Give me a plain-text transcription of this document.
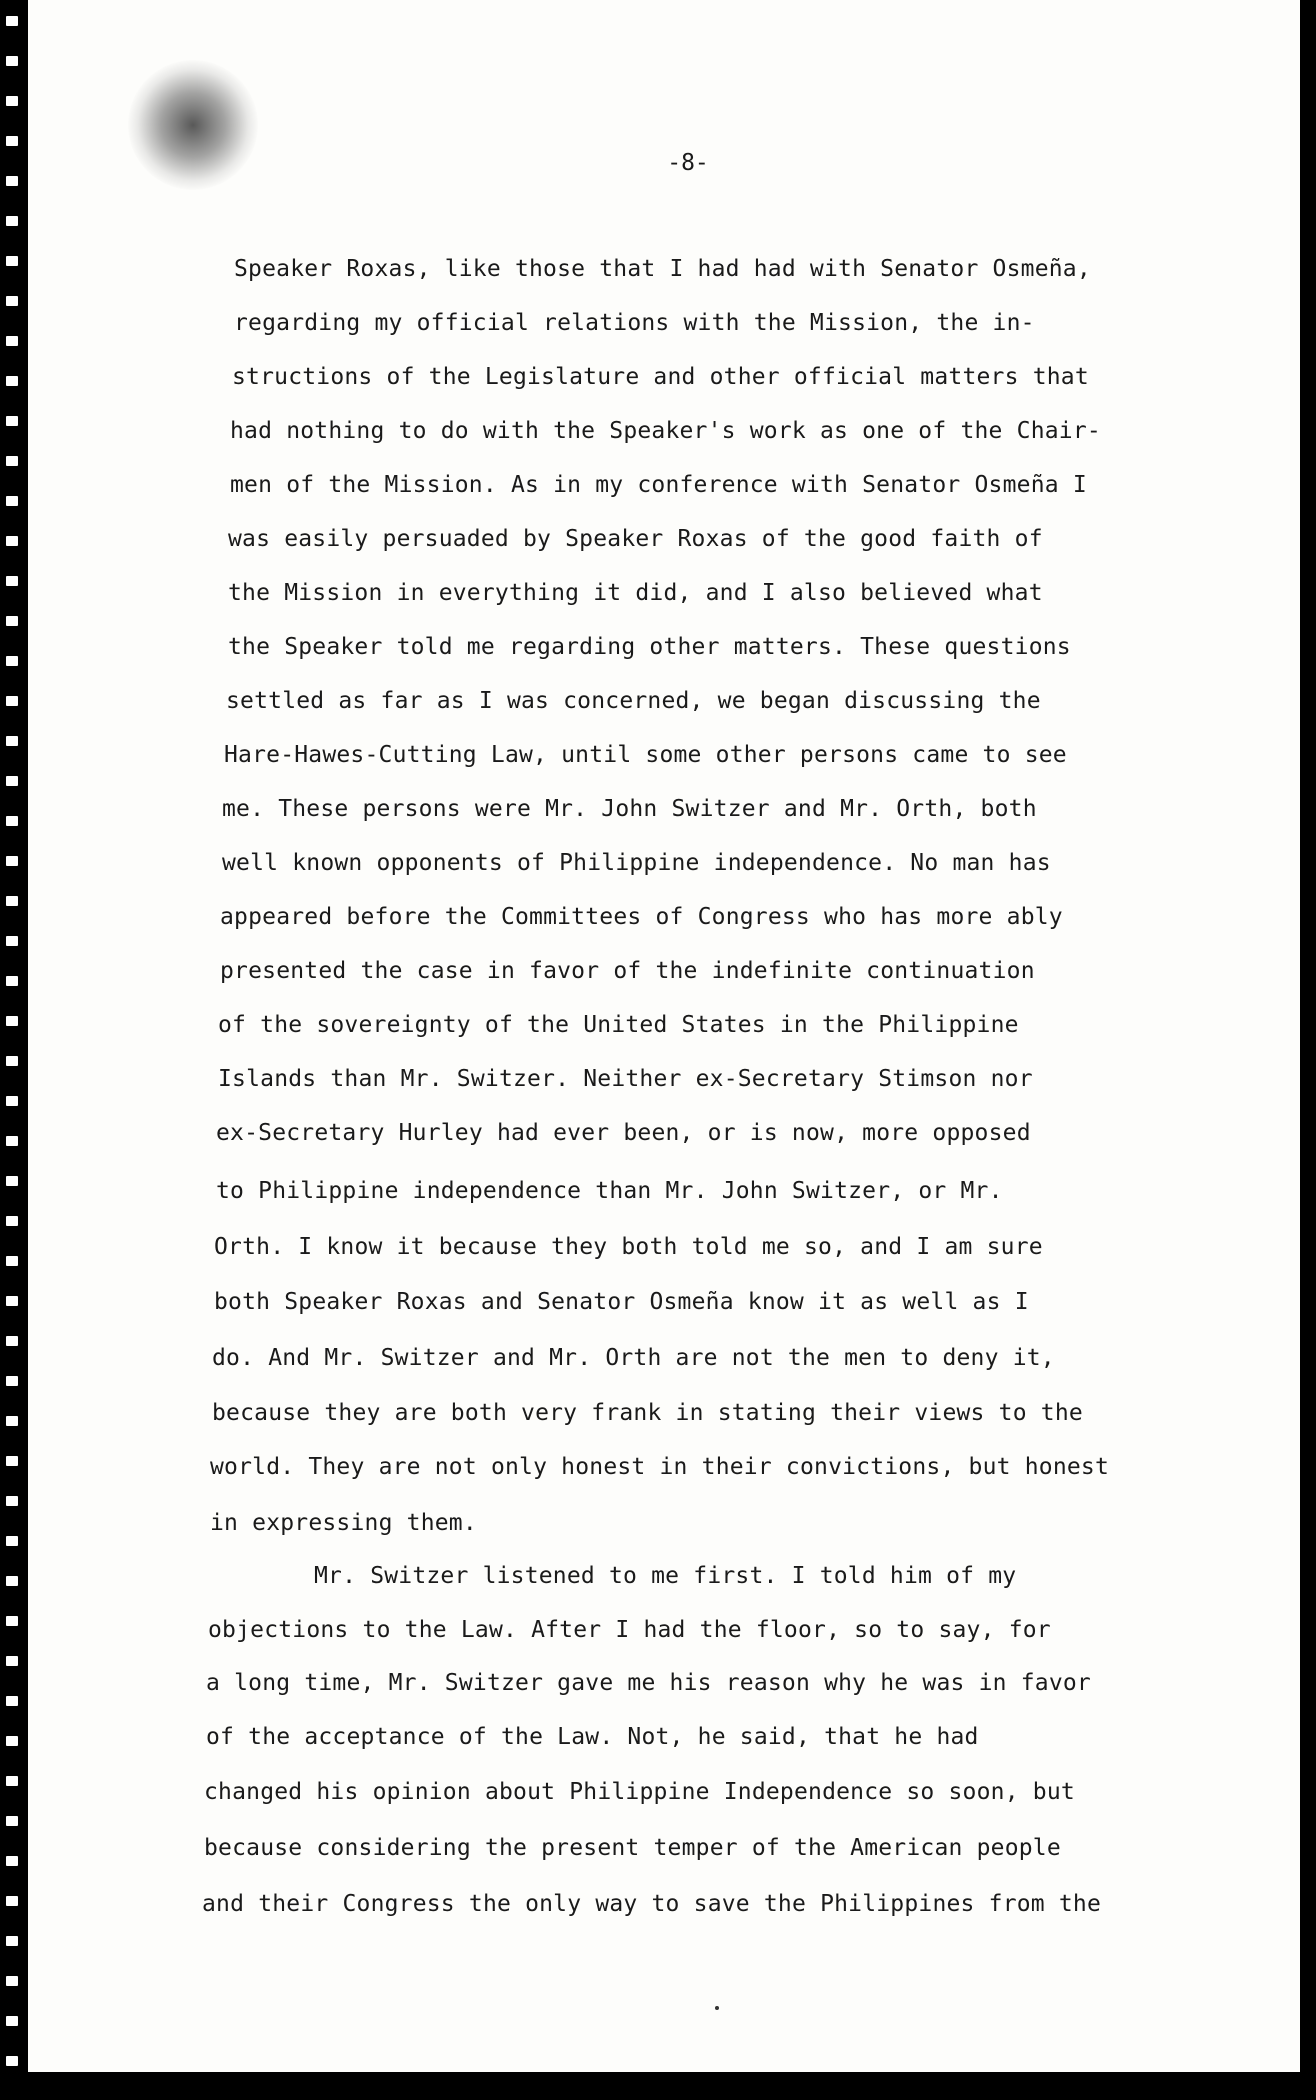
-8-
Speaker Roxas, like those that I had had with Senator Osmeña,
regarding my official relations with the Mission, the in-
structions of the Legislature and other official matters that
had nothing to do with the Speaker's work as one of the Chair-
men of the Mission. As in my conference with Senator Osmeña I
was easily persuaded by Speaker Roxas of the good faith of
the Mission in everything it did, and I also believed what
the Speaker told me regarding other matters. These questions
settled as far as I was concerned, we began discussing the
Hare-Hawes-Cutting Law, until some other persons came to see
me. These persons were Mr. John Switzer and Mr. Orth, both
well known opponents of Philippine independence. No man has
appeared before the Committees of Congress who has more ably
presented the case in favor of the indefinite continuation
of the sovereignty of the United States in the Philippine
Islands than Mr. Switzer. Neither ex-Secretary Stimson nor
ex-Secretary Hurley had ever been, or is now, more opposed
to Philippine independence than Mr. John Switzer, or Mr.
Orth. I know it because they both told me so, and I am sure
both Speaker Roxas and Senator Osmeña know it as well as I
do. And Mr. Switzer and Mr. Orth are not the men to deny it,
because they are both very frank in stating their views to the
world. They are not only honest in their convictions, but honest
in expressing them.
Mr. Switzer listened to me first. I told him of my
objections to the Law. After I had the floor, so to say, for
a long time, Mr. Switzer gave me his reason why he was in favor
of the acceptance of the Law. Not, he said, that he had
changed his opinion about Philippine Independence so soon, but
because considering the present temper of the American people
and their Congress the only way to save the Philippines from the
